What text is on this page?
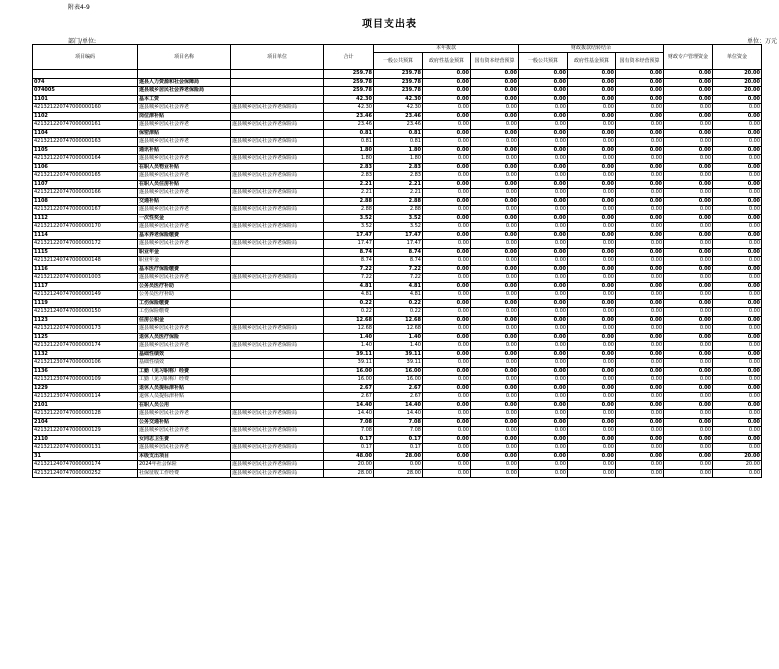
附表4-9
项目支出表
部门/单位:	单位：万元
项目编码	项目名称	项目单位	合计	本年拨款			财政拨款结转结余			财政专户管理资金	单位资金
				一般公共预算	政府性基金预算	国有资本经营预算	一般公共预算	政府性基金预算	国有资本经营预算		
			259.78	239.78	0.00	0.00	0.00	0.00	0.00	0.00	20.00
074	遂县人力资源和社会保障局		259.78	239.78	0.00	0.00	0.00	0.00	0.00	0.00	20.00
074005	遂县城乡居民社会养老保险局		259.78	239.78	0.00	0.00	0.00	0.00	0.00	0.00	20.00
1101	基本工资		42.30	42.30	0.00	0.00	0.00	0.00	0.00	0.00	0.00
421321220747000000160	遂县城乡居民社会养老	遂县城乡居民社会养老保险局	42.30	42.30	0.00	0.00	0.00	0.00	0.00	0.00	0.00
1102	岗位津补贴		23.46	23.46	0.00	0.00	0.00	0.00	0.00	0.00	0.00
421321220747000000161	遂县城乡居民社会养老	遂县城乡居民社会养老保险局	23.46	23.46	0.00	0.00	0.00	0.00	0.00	0.00	0.00
1104	保密津贴		0.81	0.81	0.00	0.00	0.00	0.00	0.00	0.00	0.00
421321220747000000163	遂县城乡居民社会养老	遂县城乡居民社会养老保险局	0.81	0.81	0.00	0.00	0.00	0.00	0.00	0.00	0.00
1105	通讯补贴		1.80	1.80	0.00	0.00	0.00	0.00	0.00	0.00	0.00
421321220747000000164	遂县城乡居民社会养老	遂县城乡居民社会养老保险局	1.80	1.80	0.00	0.00	0.00	0.00	0.00	0.00	0.00
1106	在职人员物业补贴		2.83	2.83	0.00	0.00	0.00	0.00	0.00	0.00	0.00
421321220747000000165	遂县城乡居民社会养老	遂县城乡居民社会养老保险局	2.83	2.83	0.00	0.00	0.00	0.00	0.00	0.00	0.00
1107	在职人员住房补贴		2.21	2.21	0.00	0.00	0.00	0.00	0.00	0.00	0.00
421321220747000000166	遂县城乡居民社会养老	遂县城乡居民社会养老保险局	2.21	2.21	0.00	0.00	0.00	0.00	0.00	0.00	0.00
1108	交通补贴		2.88	2.88	0.00	0.00	0.00	0.00	0.00	0.00	0.00
421321220747000000167	遂县城乡居民社会养老	遂县城乡居民社会养老保险局	2.88	2.88	0.00	0.00	0.00	0.00	0.00	0.00	0.00
1112	一次性奖金		3.52	3.52	0.00	0.00	0.00	0.00	0.00	0.00	0.00
421321220747000000170	遂县城乡居民社会养老	遂县城乡居民社会养老保险局	3.52	3.52	0.00	0.00	0.00	0.00	0.00	0.00	0.00
1114	基本养老保险缴费		17.47	17.47	0.00	0.00	0.00	0.00	0.00	0.00	0.00
421321220747000000172	遂县城乡居民社会养老	遂县城乡居民社会养老保险局	17.47	17.47	0.00	0.00	0.00	0.00	0.00	0.00	0.00
1115	职业年金		8.74	8.74	0.00	0.00	0.00	0.00	0.00	0.00	0.00
421321240747000000148	职业年金		8.74	8.74	0.00	0.00	0.00	0.00	0.00	0.00	0.00
1116	基本医疗保险缴费		7.22	7.22	0.00	0.00	0.00	0.00	0.00	0.00	0.00
421321220747000001003	遂县城乡居民社会养老	遂县城乡居民社会养老保险局	7.22	7.22	0.00	0.00	0.00	0.00	0.00	0.00	0.00
1117	公务员医疗补助		4.81	4.81	0.00	0.00	0.00	0.00	0.00	0.00	0.00
421321240747000000149	公务员医疗补助		4.81	4.81	0.00	0.00	0.00	0.00	0.00	0.00	0.00
1119	工伤保险缴费		0.22	0.22	0.00	0.00	0.00	0.00	0.00	0.00	0.00
421321240747000000150	工伤保险缴费		0.22	0.22	0.00	0.00	0.00	0.00	0.00	0.00	0.00
1123	住房公积金		12.68	12.68	0.00	0.00	0.00	0.00	0.00	0.00	0.00
421321220747000000173	遂县城乡居民社会养老	遂县城乡居民社会养老保险局	12.68	12.68	0.00	0.00	0.00	0.00	0.00	0.00	0.00
1125	退休人员医疗保险		1.40	1.40	0.00	0.00	0.00	0.00	0.00	0.00	0.00
421321220747000000174	遂县城乡居民社会养老	遂县城乡居民社会养老保险局	1.40	1.40	0.00	0.00	0.00	0.00	0.00	0.00	0.00
1132	基础性绩效		39.11	39.11	0.00	0.00	0.00	0.00	0.00	0.00	0.00
421321230747000000106	基础性绩效		39.11	39.11	0.00	0.00	0.00	0.00	0.00	0.00	0.00
1136	工勤（见习职称）经费		16.00	16.00	0.00	0.00	0.00	0.00	0.00	0.00	0.00
421321230747000000109	工勤（见习职称）经费		16.00	16.00	0.00	0.00	0.00	0.00	0.00	0.00	0.00
1229	退休人员提标津补贴		2.67	2.67	0.00	0.00	0.00	0.00	0.00	0.00	0.00
421321230747000000114	退休人员提标津补贴		2.67	2.67	0.00	0.00	0.00	0.00	0.00	0.00	0.00
2101	在职人员公用		14.40	14.40	0.00	0.00	0.00	0.00	0.00	0.00	0.00
421321220747000000128	遂县城乡居民社会养老	遂县城乡居民社会养老保险局	14.40	14.40	0.00	0.00	0.00	0.00	0.00	0.00	0.00
2104	公务交通补贴		7.08	7.08	0.00	0.00	0.00	0.00	0.00	0.00	0.00
421321220747000000129	遂县城乡居民社会养老	遂县城乡居民社会养老保险局	7.08	7.08	0.00	0.00	0.00	0.00	0.00	0.00	0.00
2110	女同志卫生费		0.17	0.17	0.00	0.00	0.00	0.00	0.00	0.00	0.00
421321220747000000131	遂县城乡居民社会养老	遂县城乡居民社会养老保险局	0.17	0.17	0.00	0.00	0.00	0.00	0.00	0.00	0.00
31	本级支出项目		48.00	28.00	0.00	0.00	0.00	0.00	0.00	0.00	20.00
421321240747000000174	2024年社会保险	遂县城乡居民社会养老保险局	20.00	0.00	0.00	0.00	0.00	0.00	0.00	0.00	20.00
421321240747000000252	社保征收工作经费	遂县城乡居民社会养老保险局	28.00	28.00	0.00	0.00	0.00	0.00	0.00	0.00	0.00
